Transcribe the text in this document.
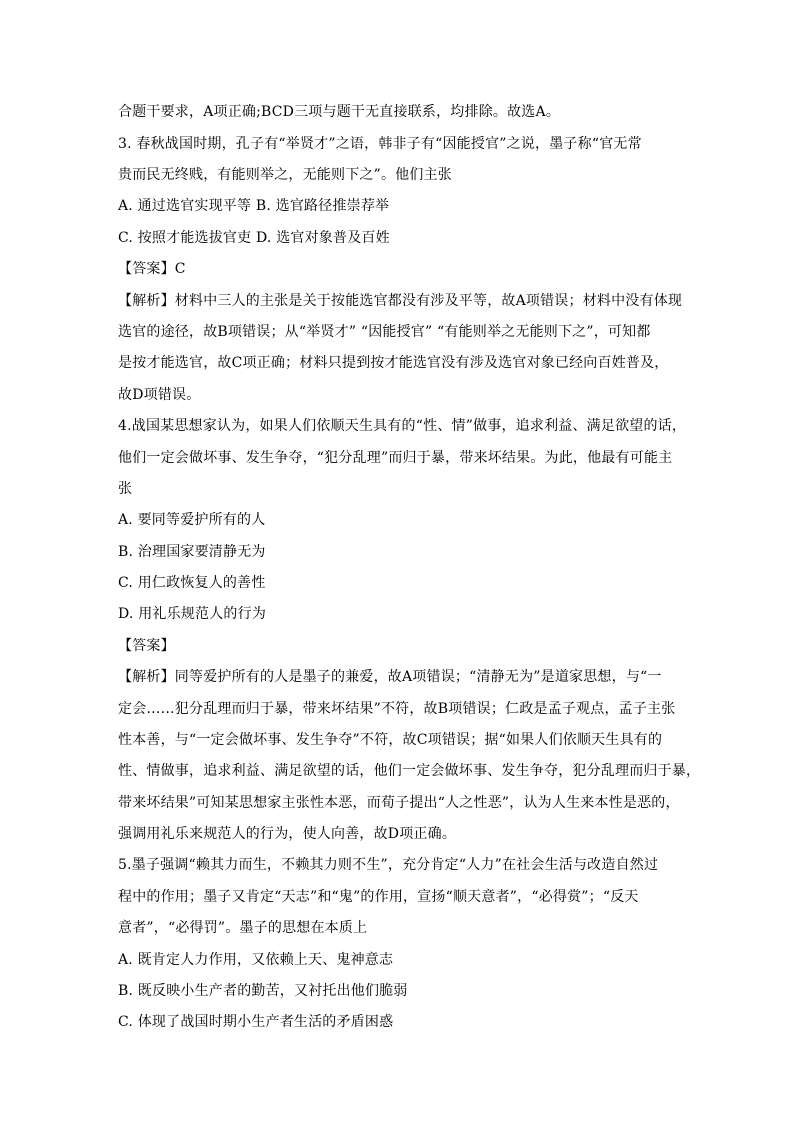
合题干要求，A项正确;BCD三项与题干无直接联系，均排除。故选A。
3. 春秋战国时期，孔子有“举贤才”之语，韩非子有“因能授官”之说，墨子称“官无常
贵而民无终贱，有能则举之，无能则下之”。他们主张
A. 通过选官实现平等 B. 选官路径推崇荐举
C. 按照才能选拔官吏 D. 选官对象普及百姓
【答案】C
【解析】材料中三人的主张是关于按能选官都没有涉及平等，故A项错误；材料中没有体现
选官的途径，故B项错误；从“举贤才” “因能授官” “有能则举之无能则下之”，可知都
是按才能选官，故C项正确；材料只提到按才能选官没有涉及选官对象已经向百姓普及，
故D项错误。
4.战国某思想家认为，如果人们依顺天生具有的“性、情”做事，追求利益、满足欲望的话，
他们一定会做坏事、发生争夺，“犯分乱理”而归于暴，带来坏结果。为此，他最有可能主
张
A. 要同等爱护所有的人
B. 治理国家要清静无为
C. 用仁政恢复人的善性
D. 用礼乐规范人的行为
【答案】
【解析】同等爱护所有的人是墨子的兼爱，故A项错误；“清静无为”是道家思想，与“一
定会……犯分乱理而归于暴，带来坏结果”不符，故B项错误；仁政是孟子观点，孟子主张
性本善，与“一定会做坏事、发生争夺”不符，故C项错误；据“如果人们依顺天生具有的
性、情做事，追求利益、满足欲望的话，他们一定会做坏事、发生争夺，犯分乱理而归于暴，
带来坏结果”可知某思想家主张性本恶，而荀子提出“人之性恶”，认为人生来本性是恶的，
强调用礼乐来规范人的行为，使人向善，故D项正确。
5.墨子强调“赖其力而生，不赖其力则不生”，充分肯定“人力”在社会生活与改造自然过
程中的作用；墨子又肯定“天志”和“鬼”的作用，宣扬“顺天意者”，“必得赏”；“反天
意者”，“必得罚”。墨子的思想在本质上
A. 既肯定人力作用，又依赖上天、鬼神意志
B. 既反映小生产者的勤苦，又衬托出他们脆弱
C. 体现了战国时期小生产者生活的矛盾困惑
